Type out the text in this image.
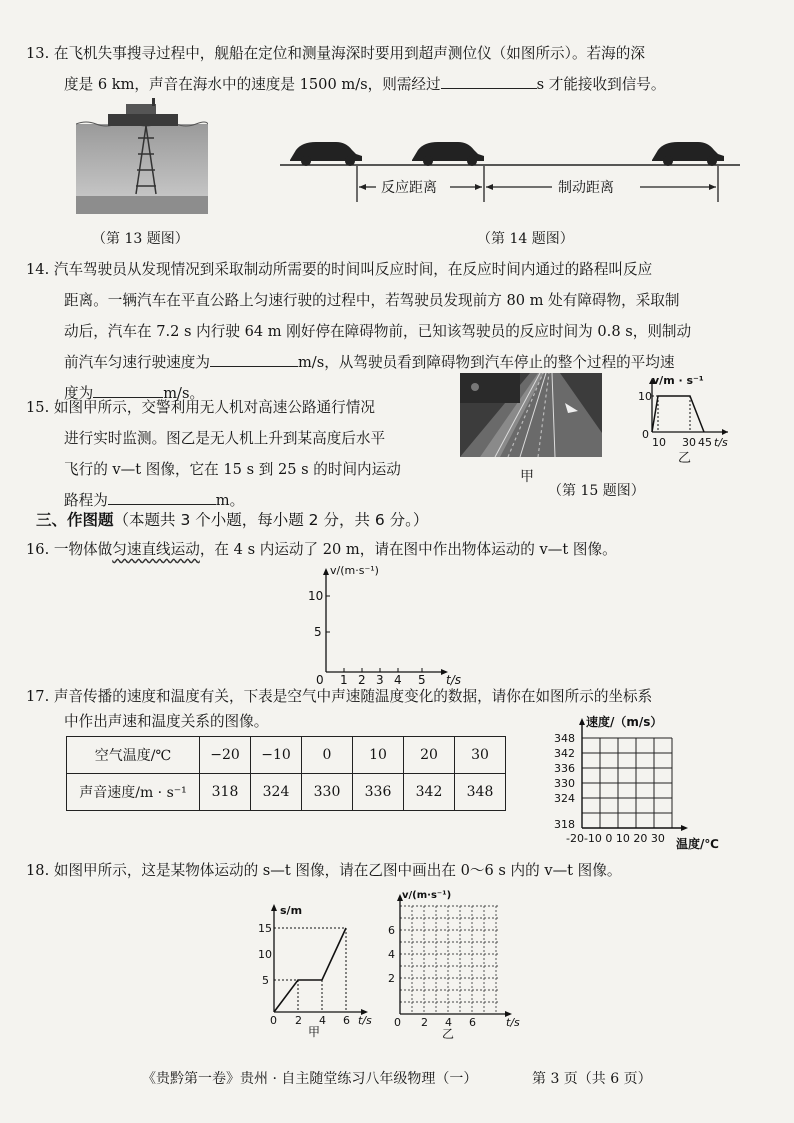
13. 在飞机失事搜寻过程中，舰船在定位和测量海深时要用到超声测位仪（如图所示）。若海的深
度是 6 km，声音在海水中的速度是 1500 m/s，则需经过	s 才能接收到信号。
（第 13 题图）
反应距离	制动距离
（第 14 题图）
14. 汽车驾驶员从发现情况到采取制动所需要的时间叫反应时间，在反应时间内通过的路程叫反应
距离。一辆汽车在平直公路上匀速行驶的过程中，若驾驶员发现前方 80 m 处有障碍物，采取制
动后，汽车在 7.2 s 内行驶 64 m 刚好停在障碍物前，已知该驾驶员的反应时间为 0.8 s，则制动
前汽车匀速行驶速度为	m/s，从驾驶员看到障碍物到汽车停止的整个过程的平均速
度为	m/s。
15. 如图甲所示，交警利用无人机对高速公路通行情况
进行实时监测。图乙是无人机上升到某高度后水平
飞行的 v—t 图像，它在 15 s 到 25 s 的时间内运动
路程为	m。
甲
（第 15 题图）
v/m · s⁻¹
10
0
10 30 45 t/s
乙
三、作图题（本题共 3 个小题，每小题 2 分，共 6 分。）
16. 一物体做匀速直线运动，在 4 s 内运动了 20 m，请在图中作出物体运动的 v—t 图像。
v/(m·s⁻¹)
10
5
0 1 2 3 4 5 t/s
17. 声音传播的速度和温度有关，下表是空气中声速随温度变化的数据，请你在如图所示的坐标系
中作出声速和温度关系的图像。
空气温度/℃	−20	−10	0	10	20	30
声音速度/m · s⁻¹	318	324	330	336	342	348
速度/（m/s）
348
342
336
330
324
318
-20-10 0 10 20 30 温度/℃
18. 如图甲所示，这是某物体运动的 s—t 图像，请在乙图中画出在 0～6 s 内的 v—t 图像。
s/m
15
10
5
0 2 4 6 t/s
甲
v/(m·s⁻¹)
6
4
2
0 2 4 6	t/s
乙
《贵黔第一卷》贵州 · 自主随堂练习八年级物理（一）	第 3 页（共 6 页）
